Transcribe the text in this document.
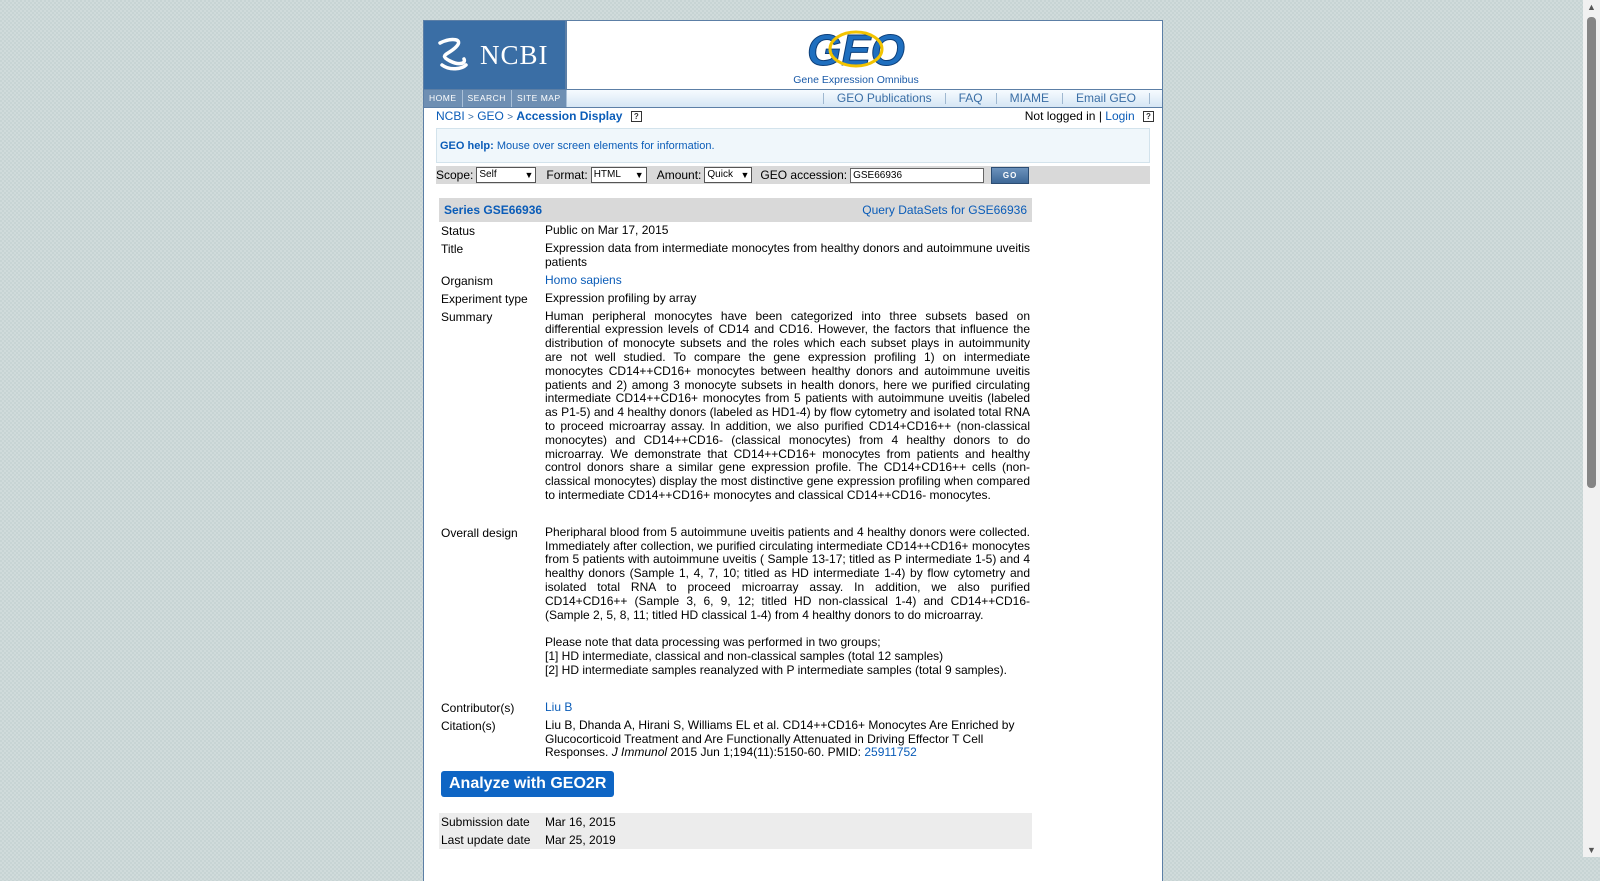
NCBI	GEO
Gene Expression Omnibus
HOME	SEARCH	SITE MAP	GEO Publications	FAQ	MIAME	Email GEO
NCBI > GEO > Accession Display ?	Not logged in | Login ?
GEO help: Mouse over screen elements for information.
Scope: Self	▼ Format: HTML ▼ Amount: Quick ▼ GEO accession: GSE66936	GO
Series GSE66936	Query DataSets for GSE66936
Status	Public on Mar 17, 2015
Title	Expression data from intermediate monocytes from healthy donors and autoimmune uveitis patients
Organism	Homo sapiens
Experiment type	Expression profiling by array
Summary	Human peripheral monocytes have been categorized into three subsets based on differential expression levels of CD14 and CD16. However, the factors that influence the distribution of monocyte subsets and the roles which each subset plays in autoimmunity are not well studied. To compare the gene expression profiling 1) on intermediate monocytes CD14++CD16+ monocytes between healthy donors and autoimmune uveitis patients and 2) among 3 monocyte subsets in health donors, here we purified circulating intermediate CD14++CD16+ monocytes from 5 patients with autoimmune uveitis (labeled as P1-5) and 4 healthy donors (labeled as HD1-4) by flow cytometry and isolated total RNA to proceed microarray assay. In addition, we also purified CD14+CD16++ (non-classical monocytes) and CD14++CD16- (classical monocytes) from 4 healthy donors to do microarray. We demonstrate that CD14++CD16+ monocytes from patients and healthy control donors share a similar gene expression profile. The CD14+CD16++ cells (non-classical monocytes) display the most distinctive gene expression profiling when compared to intermediate CD14++CD16+ monocytes and classical CD14++CD16- monocytes.
Overall design	Pheripharal blood from 5 autoimmune uveitis patients and 4 healthy donors were collected. Immediately after collection, we purified circulating intermediate CD14++CD16+ monocytes from 5 patients with autoimmune uveitis ( Sample 13-17; titled as P intermediate 1-5) and 4 healthy donors (Sample 1, 4, 7, 10; titled as HD intermediate 1-4) by flow cytometry and isolated total RNA to proceed microarray assay. In addition, we also purified CD14+CD16++ (Sample 3, 6, 9, 12; titled HD non-classical 1-4) and CD14++CD16- (Sample 2, 5, 8, 11; titled HD classical 1-4) from 4 healthy donors to do microarray.
Please note that data processing was performed in two groups;
[1] HD intermediate, classical and non-classical samples (total 12 samples)
[2] HD intermediate samples reanalyzed with P intermediate samples (total 9 samples).

Contributor(s)	Liu B
Citation(s)	Liu B, Dhanda A, Hirani S, Williams EL et al. CD14++CD16+ Monocytes Are Enriched by Glucocorticoid Treatment and Are Functionally Attenuated in Driving Effector T Cell Responses. J Immunol 2015 Jun 1;194(11):5150-60. PMID: 25911752
Analyze with GEO2R
Submission date	Mar 16, 2015
Last update date	Mar 25, 2019
▲
▼
